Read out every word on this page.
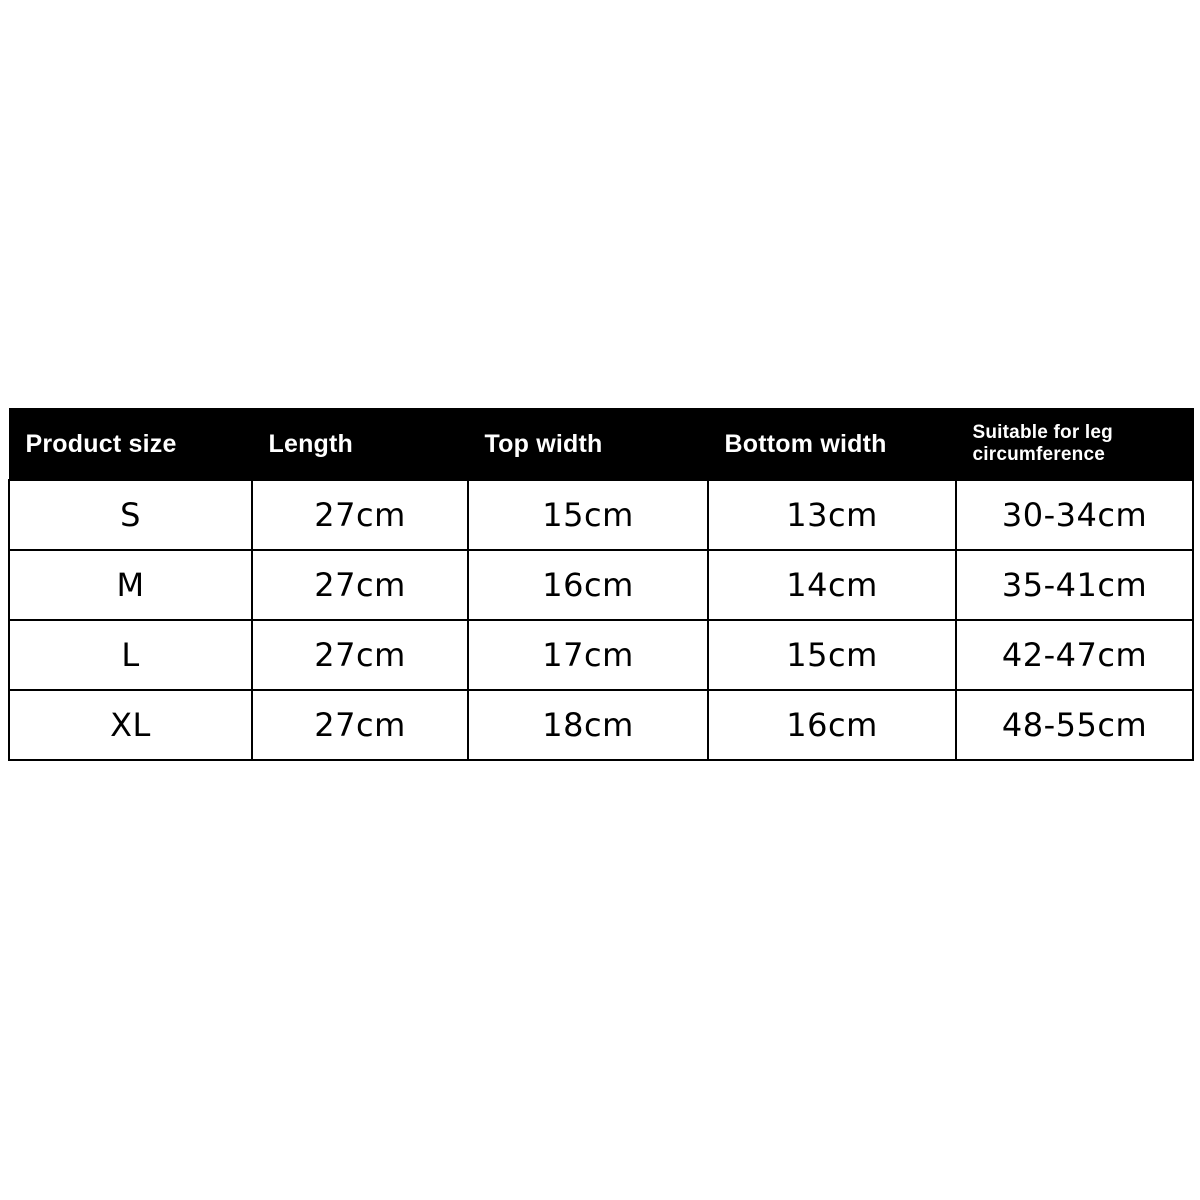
Product size	Length	Top width	Bottom width	Suitable for leg
circumference

S	27cm	15cm	13cm	30-34cm
M	27cm	16cm	14cm	35-41cm
L	27cm	17cm	15cm	42-47cm
XL	27cm	18cm	16cm	48-55cm
